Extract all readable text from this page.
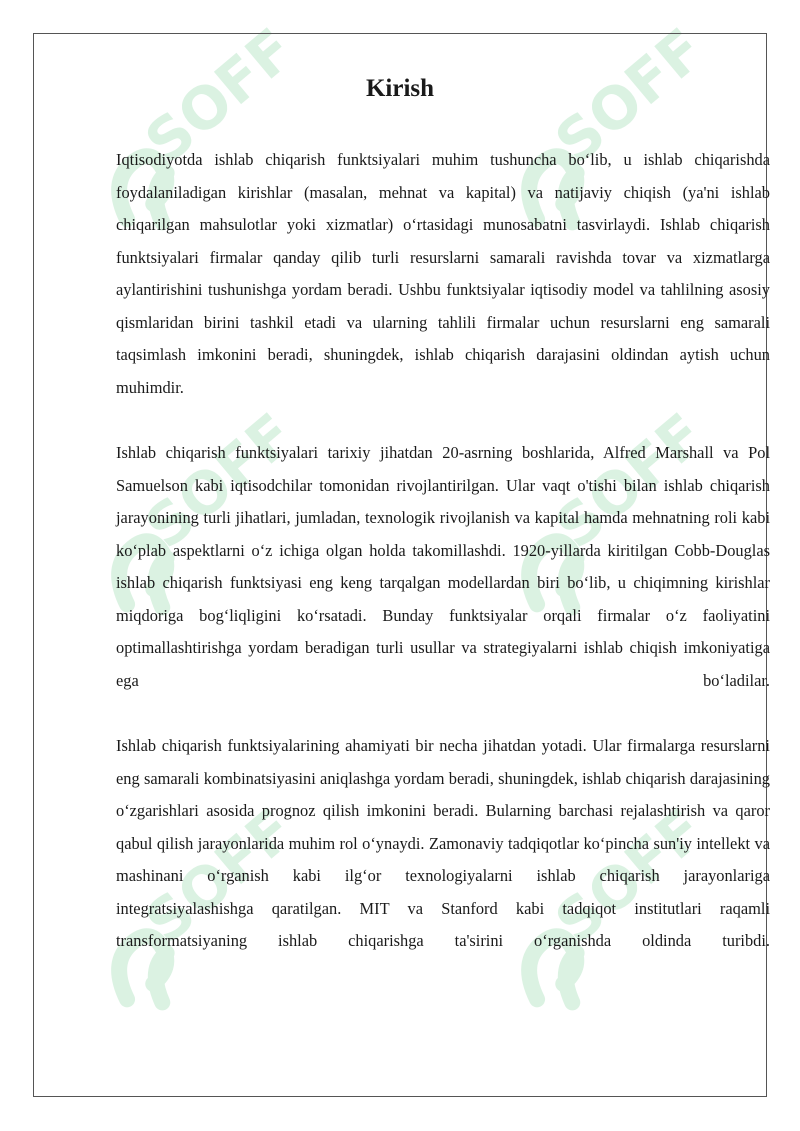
SOFF	SOFF
SOFF	SOFF
SOFF	SOFF
Kirish

Iqtisodiyotda ishlab chiqarish funktsiyalari muhim tushuncha bo‘lib, u ishlab chiqarishda foydalaniladigan kirishlar (masalan, mehnat va kapital) va natijaviy chiqish (ya'ni ishlab chiqarilgan mahsulotlar yoki xizmatlar) o‘rtasidagi munosabatni tasvirlaydi. Ishlab chiqarish funktsiyalari firmalar qanday qilib turli resurslarni samarali ravishda tovar va xizmatlarga aylantirishini tushunishga yordam beradi. Ushbu funktsiyalar iqtisodiy model va tahlilning asosiy qismlaridan birini tashkil etadi va ularning tahlili firmalar uchun resurslarni eng samarali taqsimlash imkonini beradi, shuningdek, ishlab chiqarish darajasini oldindan aytish uchun muhimdir.

Ishlab chiqarish funktsiyalari tarixiy jihatdan 20-asrning boshlarida, Alfred Marshall va Pol Samuelson kabi iqtisodchilar tomonidan rivojlantirilgan. Ular vaqt o'tishi bilan ishlab chiqarish jarayonining turli jihatlari, jumladan, texnologik rivojlanish va kapital hamda mehnatning roli kabi ko‘plab aspektlarni o‘z ichiga olgan holda takomillashdi. 1920-yillarda kiritilgan Cobb-Douglas ishlab chiqarish funktsiyasi eng keng tarqalgan modellardan biri bo‘lib, u chiqimning kirishlar miqdoriga bog‘liqligini ko‘rsatadi. Bunday funktsiyalar orqali firmalar o‘z faoliyatini optimallashtirishga yordam beradigan turli usullar va strategiyalarni ishlab chiqish imkoniyatiga ega bo‘ladilar.

Ishlab chiqarish funktsiyalarining ahamiyati bir necha jihatdan yotadi. Ular firmalarga resurslarni eng samarali kombinatsiyasini aniqlashga yordam beradi, shuningdek, ishlab chiqarish darajasining o‘zgarishlari asosida prognoz qilish imkonini beradi. Bularning barchasi rejalashtirish va qaror qabul qilish jarayonlarida muhim rol o‘ynaydi. Zamonaviy tadqiqotlar ko‘pincha sun'iy intellekt va mashinani o‘rganish kabi ilg‘or texnologiyalarni ishlab chiqarish jarayonlariga integratsiyalashishga qaratilgan. MIT va Stanford kabi tadqiqot institutlari raqamli transformatsiyaning ishlab chiqarishga ta'sirini o‘rganishda oldinda turibdi.
